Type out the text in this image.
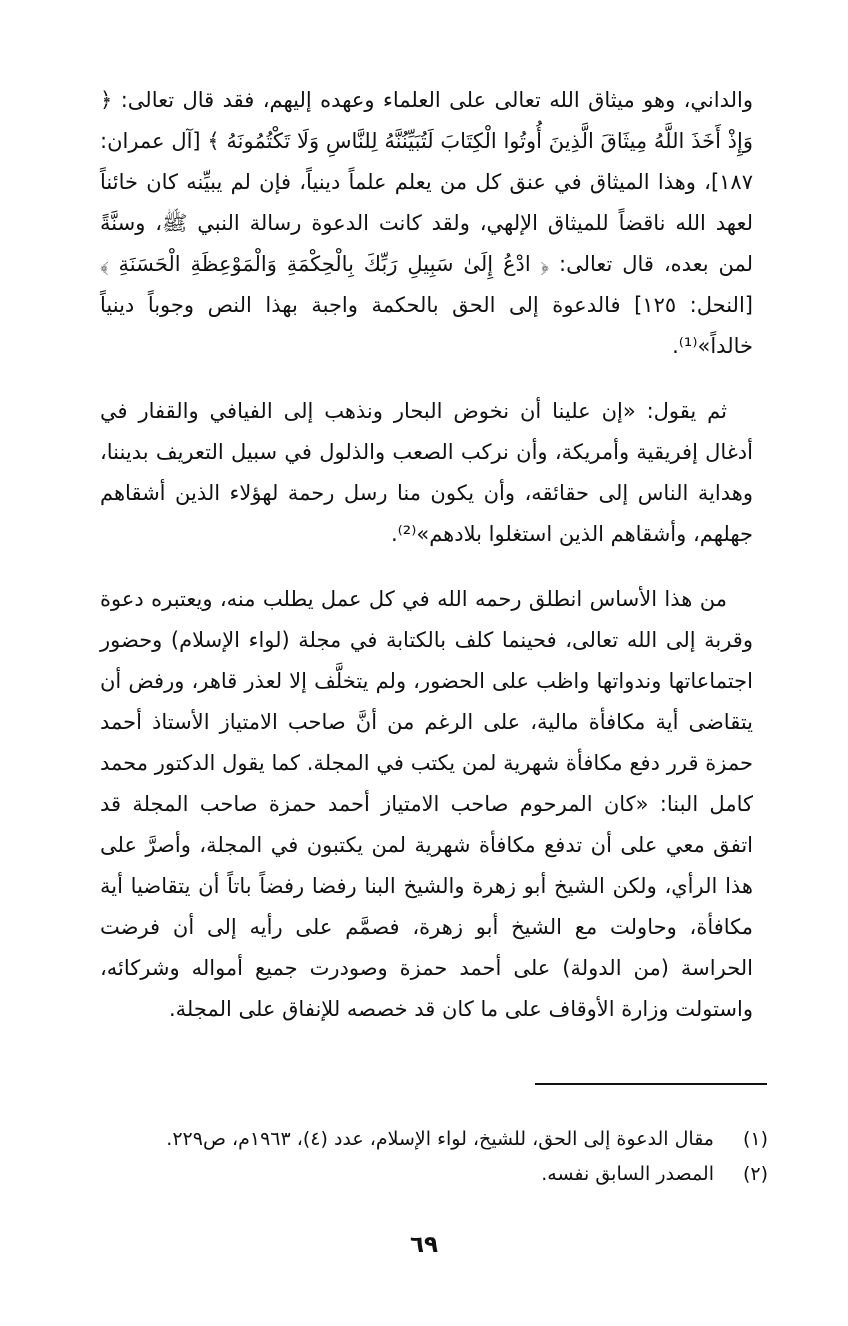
والداني، وهو ميثاق الله تعالى على العلماء وعهده إليهم، فقد قال تعالى: ﴿ وَإِذْ أَخَذَ اللَّهُ مِيثَاقَ الَّذِينَ أُوتُوا الْكِتَابَ لَتُبَيِّنُنَّهُ لِلنَّاسِ وَلَا تَكْتُمُونَهُ ﴾ [آل عمران: ١٨٧]، وهذا الميثاق في عنق كل من يعلم علماً دينياً، فإن لم يبيِّنه كان خائناً لعهد الله ناقضاً للميثاق الإلهي، ولقد كانت الدعوة رسالة النبي ﷺ، وسنَّةً لمن بعده، قال تعالى: ﴿ ادْعُ إِلَىٰ سَبِيلِ رَبِّكَ بِالْحِكْمَةِ وَالْمَوْعِظَةِ الْحَسَنَةِ ﴾ [النحل: ١٢٥] فالدعوة إلى الحق بالحكمة واجبة بهذا النص وجوباً دينياً خالداً»⁽¹⁾.

ثم يقول: «إن علينا أن نخوض البحار ونذهب إلى الفيافي والقفار في أدغال إفريقية وأمريكة، وأن نركب الصعب والذلول في سبيل التعريف بديننا، وهداية الناس إلى حقائقه، وأن يكون منا رسل رحمة لهؤلاء الذين أشقاهم جهلهم، وأشقاهم الذين استغلوا بلادهم»⁽²⁾.

من هذا الأساس انطلق رحمه الله في كل عمل يطلب منه، ويعتبره دعوة وقربة إلى الله تعالى، فحينما كلف بالكتابة في مجلة (لواء الإسلام) وحضور اجتماعاتها وندواتها واظب على الحضور، ولم يتخلَّف إلا لعذر قاهر، ورفض أن يتقاضى أية مكافأة مالية، على الرغم من أنَّ صاحب الامتياز الأستاذ أحمد حمزة قرر دفع مكافأة شهرية لمن يكتب في المجلة. كما يقول الدكتور محمد كامل البنا: «كان المرحوم صاحب الامتياز أحمد حمزة صاحب المجلة قد اتفق معي على أن تدفع مكافأة شهرية لمن يكتبون في المجلة، وأصرَّ على هذا الرأي، ولكن الشيخ أبو زهرة والشيخ البنا رفضا رفضاً باتاً أن يتقاضيا أية مكافأة، وحاولت مع الشيخ أبو زهرة، فصمَّم على رأيه إلى أن فرضت الحراسة (من الدولة) على أحمد حمزة وصودرت جميع أمواله وشركائه، واستولت وزارة الأوقاف على ما كان قد خصصه للإنفاق على المجلة.

(١)
مقال الدعوة إلى الحق، للشيخ، لواء الإسلام، عدد (٤)، ١٩٦٣م، ص٢٢٩.
(٢)
المصدر السابق نفسه.
٦٩
